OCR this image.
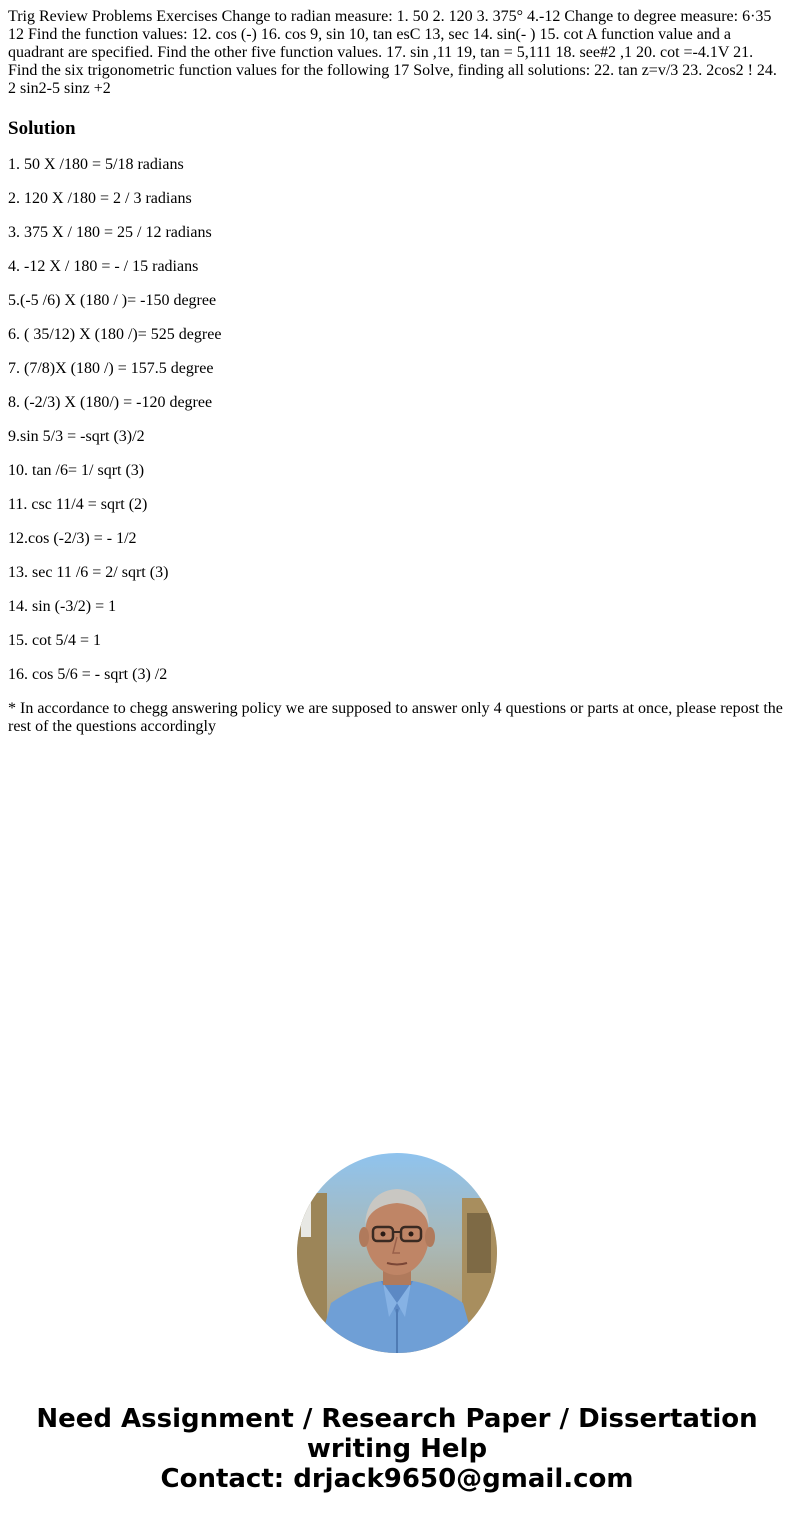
Trig Review Problems Exercises Change to radian measure: 1. 50 2. 120 3. 375° 4.-12 Change to degree measure: 6·35 12 Find the function values: 12. cos (-) 16. cos 9, sin 10, tan esC 13, sec 14. sin(- ) 15. cot A function value and a quadrant are specified. Find the other five function values. 17. sin ,11 19, tan = 5,111 18. see#2 ,1 20. cot =-4.1V 21. Find the six trigonometric function values for the following 17 Solve, finding all solutions: 22. tan z=v/3 23. 2cos2 ! 24. 2 sin2-5 sinz +2

Solution

1. 50 X /180 = 5/18 radians

2. 120 X /180 = 2 / 3 radians

3. 375 X / 180 = 25 / 12 radians

4. -12 X / 180 = - / 15 radians

5.(-5 /6) X (180 / )= -150 degree

6. ( 35/12) X (180 /)= 525 degree

7. (7/8)X (180 /) = 157.5 degree

8. (-2/3) X (180/) = -120 degree

9.sin 5/3 = -sqrt (3)/2

10. tan /6= 1/ sqrt (3)

11. csc 11/4 = sqrt (2)

12.cos (-2/3) = - 1/2

13. sec 11 /6 = 2/ sqrt (3)

14. sin (-3/2) = 1

15. cot 5/4 = 1

16. cos 5/6 = - sqrt (3) /2

* In accordance to chegg answering policy we are supposed to answer only 4 questions or parts at once, please repost the rest of the questions accordingly

Need Assignment / Research Paper / Dissertation
writing Help
Contact: drjack9650@gmail.com
